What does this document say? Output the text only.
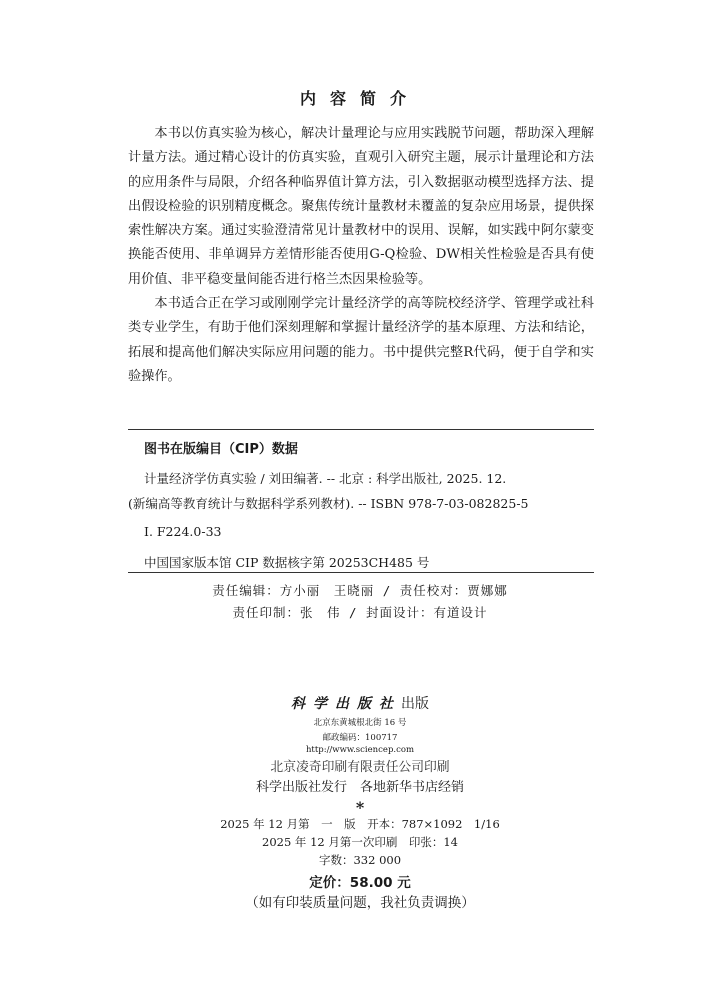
内容简介

本书以仿真实验为核心，解决计量理论与应用实践脱节问题，帮助深入理解计量方法。通过精心设计的仿真实验，直观引入研究主题，展示计量理论和方法的应用条件与局限，介绍各种临界值计算方法，引入数据驱动模型选择方法、提出假设检验的识别精度概念。聚焦传统计量教材未覆盖的复杂应用场景，提供探索性解决方案。通过实验澄清常见计量教材中的误用、误解，如实践中阿尔蒙变换能否使用、非单调异方差情形能否使用G-Q检验、DW相关性检验是否具有使用价值、非平稳变量间能否进行格兰杰因果检验等。

本书适合正在学习或刚刚学完计量经济学的高等院校经济学、管理学或社科类专业学生，有助于他们深刻理解和掌握计量经济学的基本原理、方法和结论，拓展和提高他们解决实际应用问题的能力。书中提供完整R代码，便于自学和实验操作。

图书在版编目（CIP）数据
计量经济学仿真实验 / 刘田编著. -- 北京 : 科学出版社, 2025. 12.
(新编高等教育统计与数据科学系列教材). -- ISBN 978-7-03-082825-5
Ⅰ. F224.0-33
中国国家版本馆 CIP 数据核字第 20253CH485 号
责任编辑：方小丽　王晓丽 / 责任校对：贾娜娜
责任印制：张　伟 / 封面设计：有道设计
科学出版社出版
北京东黄城根北街 16 号
邮政编码：100717
http://www.sciencep.com
北京凌奇印刷有限责任公司印刷
科学出版社发行　各地新华书店经销
*
2025 年 12 月第　一　版　开本：787×1092　1/16
2025 年 12 月第一次印刷　印张：14
字数：332 000
定价：58.00 元
（如有印装质量问题，我社负责调换）
